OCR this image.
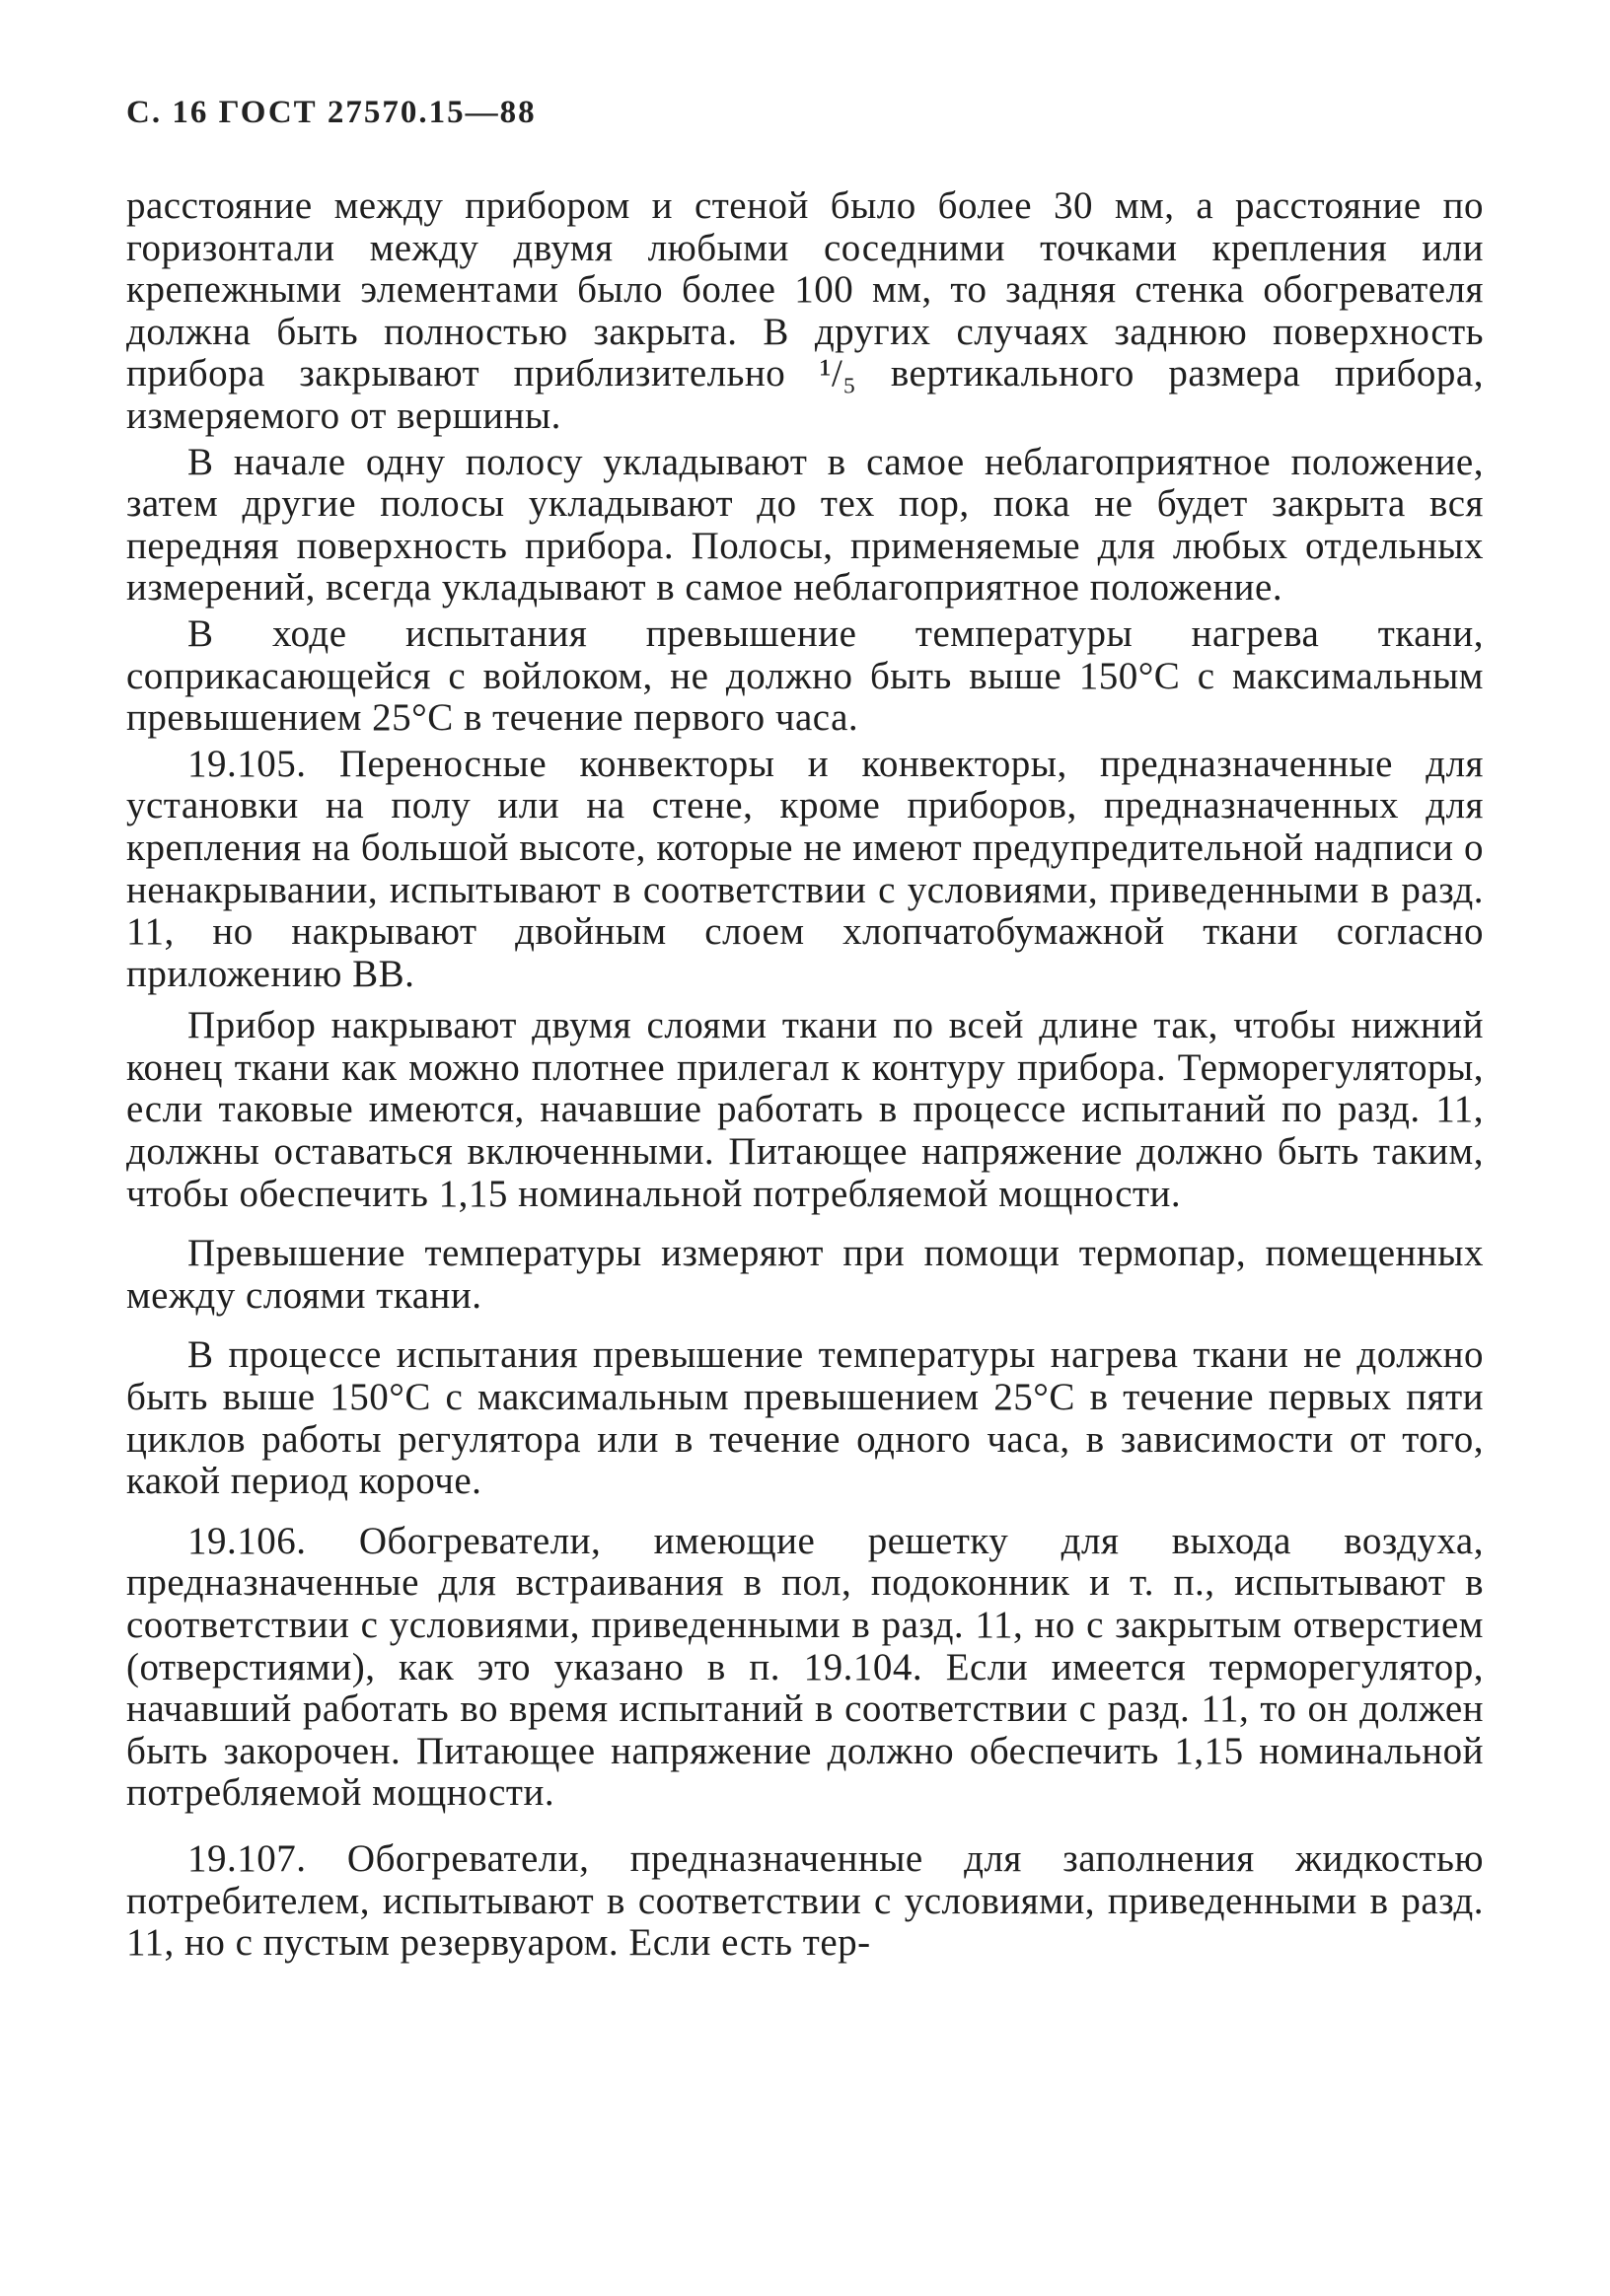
С. 16 ГОСТ 27570.15—88

расстояние между прибором и стеной было более 30 мм, а расстояние по горизонтали между двумя любыми соседними точками крепления или крепежными элементами было более 100 мм, то задняя стенка обогревателя должна быть полностью закрыта. В других случаях заднюю поверхность прибора закрывают приблизительно ¹/₅ вертикального размера прибора, измеряемого от вершины.

В начале одну полосу укладывают в самое неблагоприятное положение, затем другие полосы укладывают до тех пор, пока не будет закрыта вся передняя поверхность прибора. Полосы, применяемые для любых отдельных измерений, всегда укладывают в самое неблагоприятное положение.

В ходе испытания превышение температуры нагрева ткани, соприкасающейся с войлоком, не должно быть выше 150°С с максимальным превышением 25°С в течение первого часа.

19.105. Переносные конвекторы и конвекторы, предназначенные для установки на полу или на стене, кроме приборов, предназначенных для крепления на большой высоте, которые не имеют предупредительной надписи о ненакрывании, испытывают в соответствии с условиями, приведенными в разд. 11, но накрывают двойным слоем хлопчатобумажной ткани согласно приложению ВВ.

Прибор накрывают двумя слоями ткани по всей длине так, чтобы нижний конец ткани как можно плотнее прилегал к контуру прибора. Терморегуляторы, если таковые имеются, начавшие работать в процессе испытаний по разд. 11, должны оставаться включенными. Питающее напряжение должно быть таким, чтобы обеспечить 1,15 номинальной потребляемой мощности.

Превышение температуры измеряют при помощи термопар, помещенных между слоями ткани.

В процессе испытания превышение температуры нагрева ткани не должно быть выше 150°С с максимальным превышением 25°С в течение первых пяти циклов работы регулятора или в течение одного часа, в зависимости от того, какой период короче.

19.106. Обогреватели, имеющие решетку для выхода воздуха, предназначенные для встраивания в пол, подоконник и т. п., испытывают в соответствии с условиями, приведенными в разд. 11, но с закрытым отверстием (отверстиями), как это указано в п. 19.104. Если имеется терморегулятор, начавший работать во время испытаний в соответствии с разд. 11, то он должен быть закорочен. Питающее напряжение должно обеспечить 1,15 номинальной потребляемой мощности.

19.107. Обогреватели, предназначенные для заполнения жидкостью потребителем, испытывают в соответствии с условиями, приведенными в разд. 11, но с пустым резервуаром. Если есть тер-
